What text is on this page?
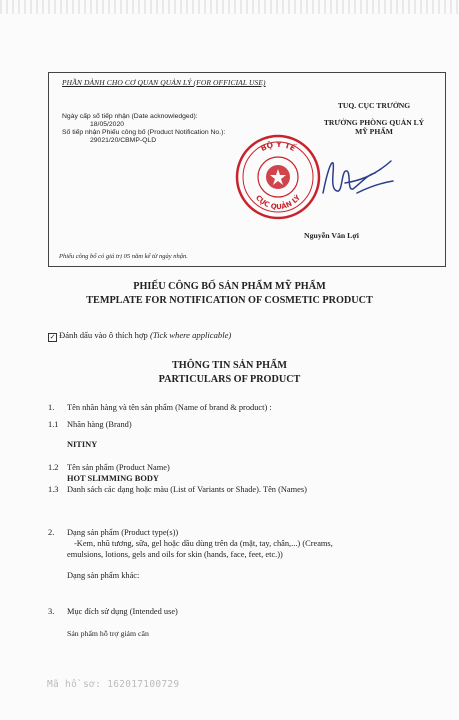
PHẦN DÀNH CHO CƠ QUAN QUẢN LÝ (FOR OFFICIAL USE)
Ngày cấp số tiếp nhận (Date acknowledged):
18/05/2020
Số tiếp nhận Phiếu công bố (Product Notification No.):
29021/20/CBMP-QLD
TUQ. CỤC TRƯỞNG
TRƯỞNG PHÒNG QUẢN LÝ MỸ PHẨM
BỘ Y TẾ
CỤC QUẢN LÝ
Nguyễn Văn Lợi
Phiếu công bố có giá trị 05 năm kể từ ngày nhận.
PHIẾU CÔNG BỐ SẢN PHẨM MỸ PHẨM
TEMPLATE FOR NOTIFICATION OF COSMETIC PRODUCT
✓ Đánh dấu vào ô thích hợp (Tick where applicable)
THÔNG TIN SẢN PHẨM
PARTICULARS OF PRODUCT
1. Tên nhãn hàng và tên sản phẩm (Name of brand & product) :
1.1 Nhãn hàng (Brand)
NITINY
1.2 Tên sản phẩm (Product Name)
HOT SLIMMING BODY
1.3 Danh sách các dạng hoặc màu (List of Variants or Shade). Tên (Names)
2. Dạng sản phẩm (Product type(s))
-Kem, nhũ tương, sữa, gel hoặc dầu dùng trên da (mặt, tay, chân,...) (Creams,
emulsions, lotions, gels and oils for skin (hands, face, feet, etc.))
Dạng sản phẩm khác:
3. Mục đích sử dụng (Intended use)
Sản phẩm hỗ trợ giảm cân
Mã hồ sơ: 162017100729
